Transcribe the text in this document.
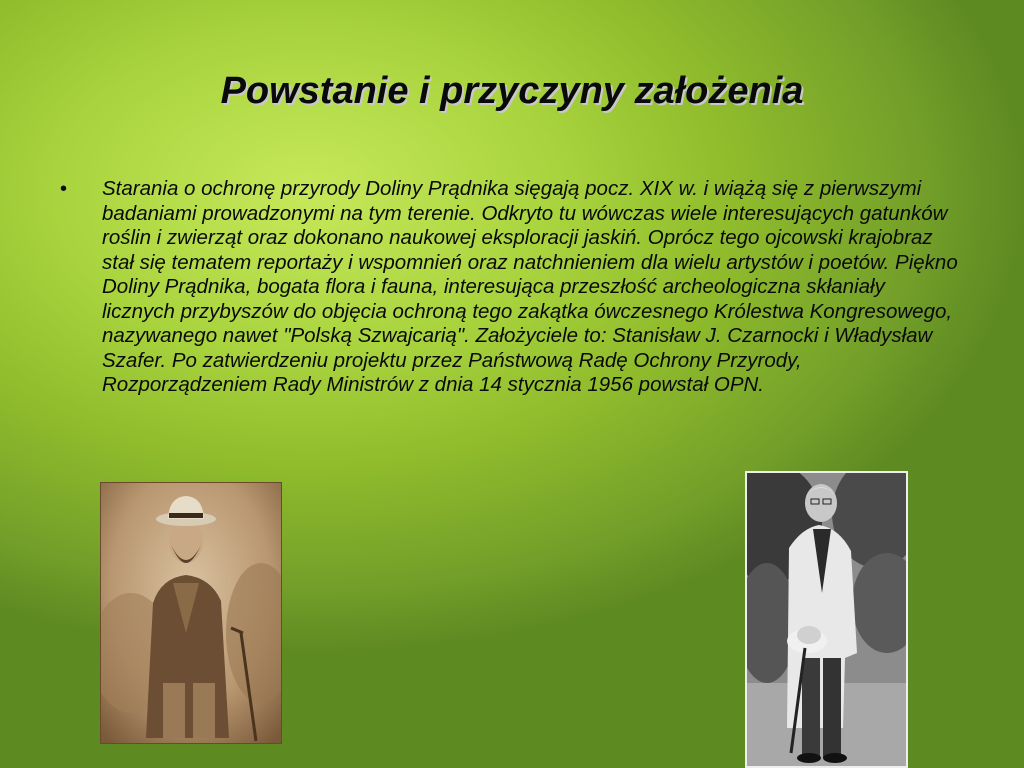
Powstanie i przyczyny założenia
•	Starania o ochronę przyrody Doliny Prądnika sięgają pocz. XIX w. i wiążą się z pierwszymi badaniami prowadzonymi na tym terenie. Odkryto tu wówczas wiele interesujących gatunków roślin i zwierząt oraz dokonano naukowej eksploracji jaskiń. Oprócz tego ojcowski krajobraz stał się tematem reportaży i wspomnień oraz natchnieniem dla wielu artystów i poetów. Piękno Doliny Prądnika, bogata flora i fauna, interesująca przeszłość archeologiczna skłaniały licznych przybyszów do objęcia ochroną tego zakątka ówczesnego Królestwa Kongresowego, nazywanego nawet "Polską Szwajcarią". Założyciele to: Stanisław J. Czarnocki i Władysław Szafer. Po zatwierdzeniu projektu przez Państwową Radę Ochrony Przyrody, Rozporządzeniem Rady Ministrów z dnia 14 stycznia 1956 powstał OPN.
